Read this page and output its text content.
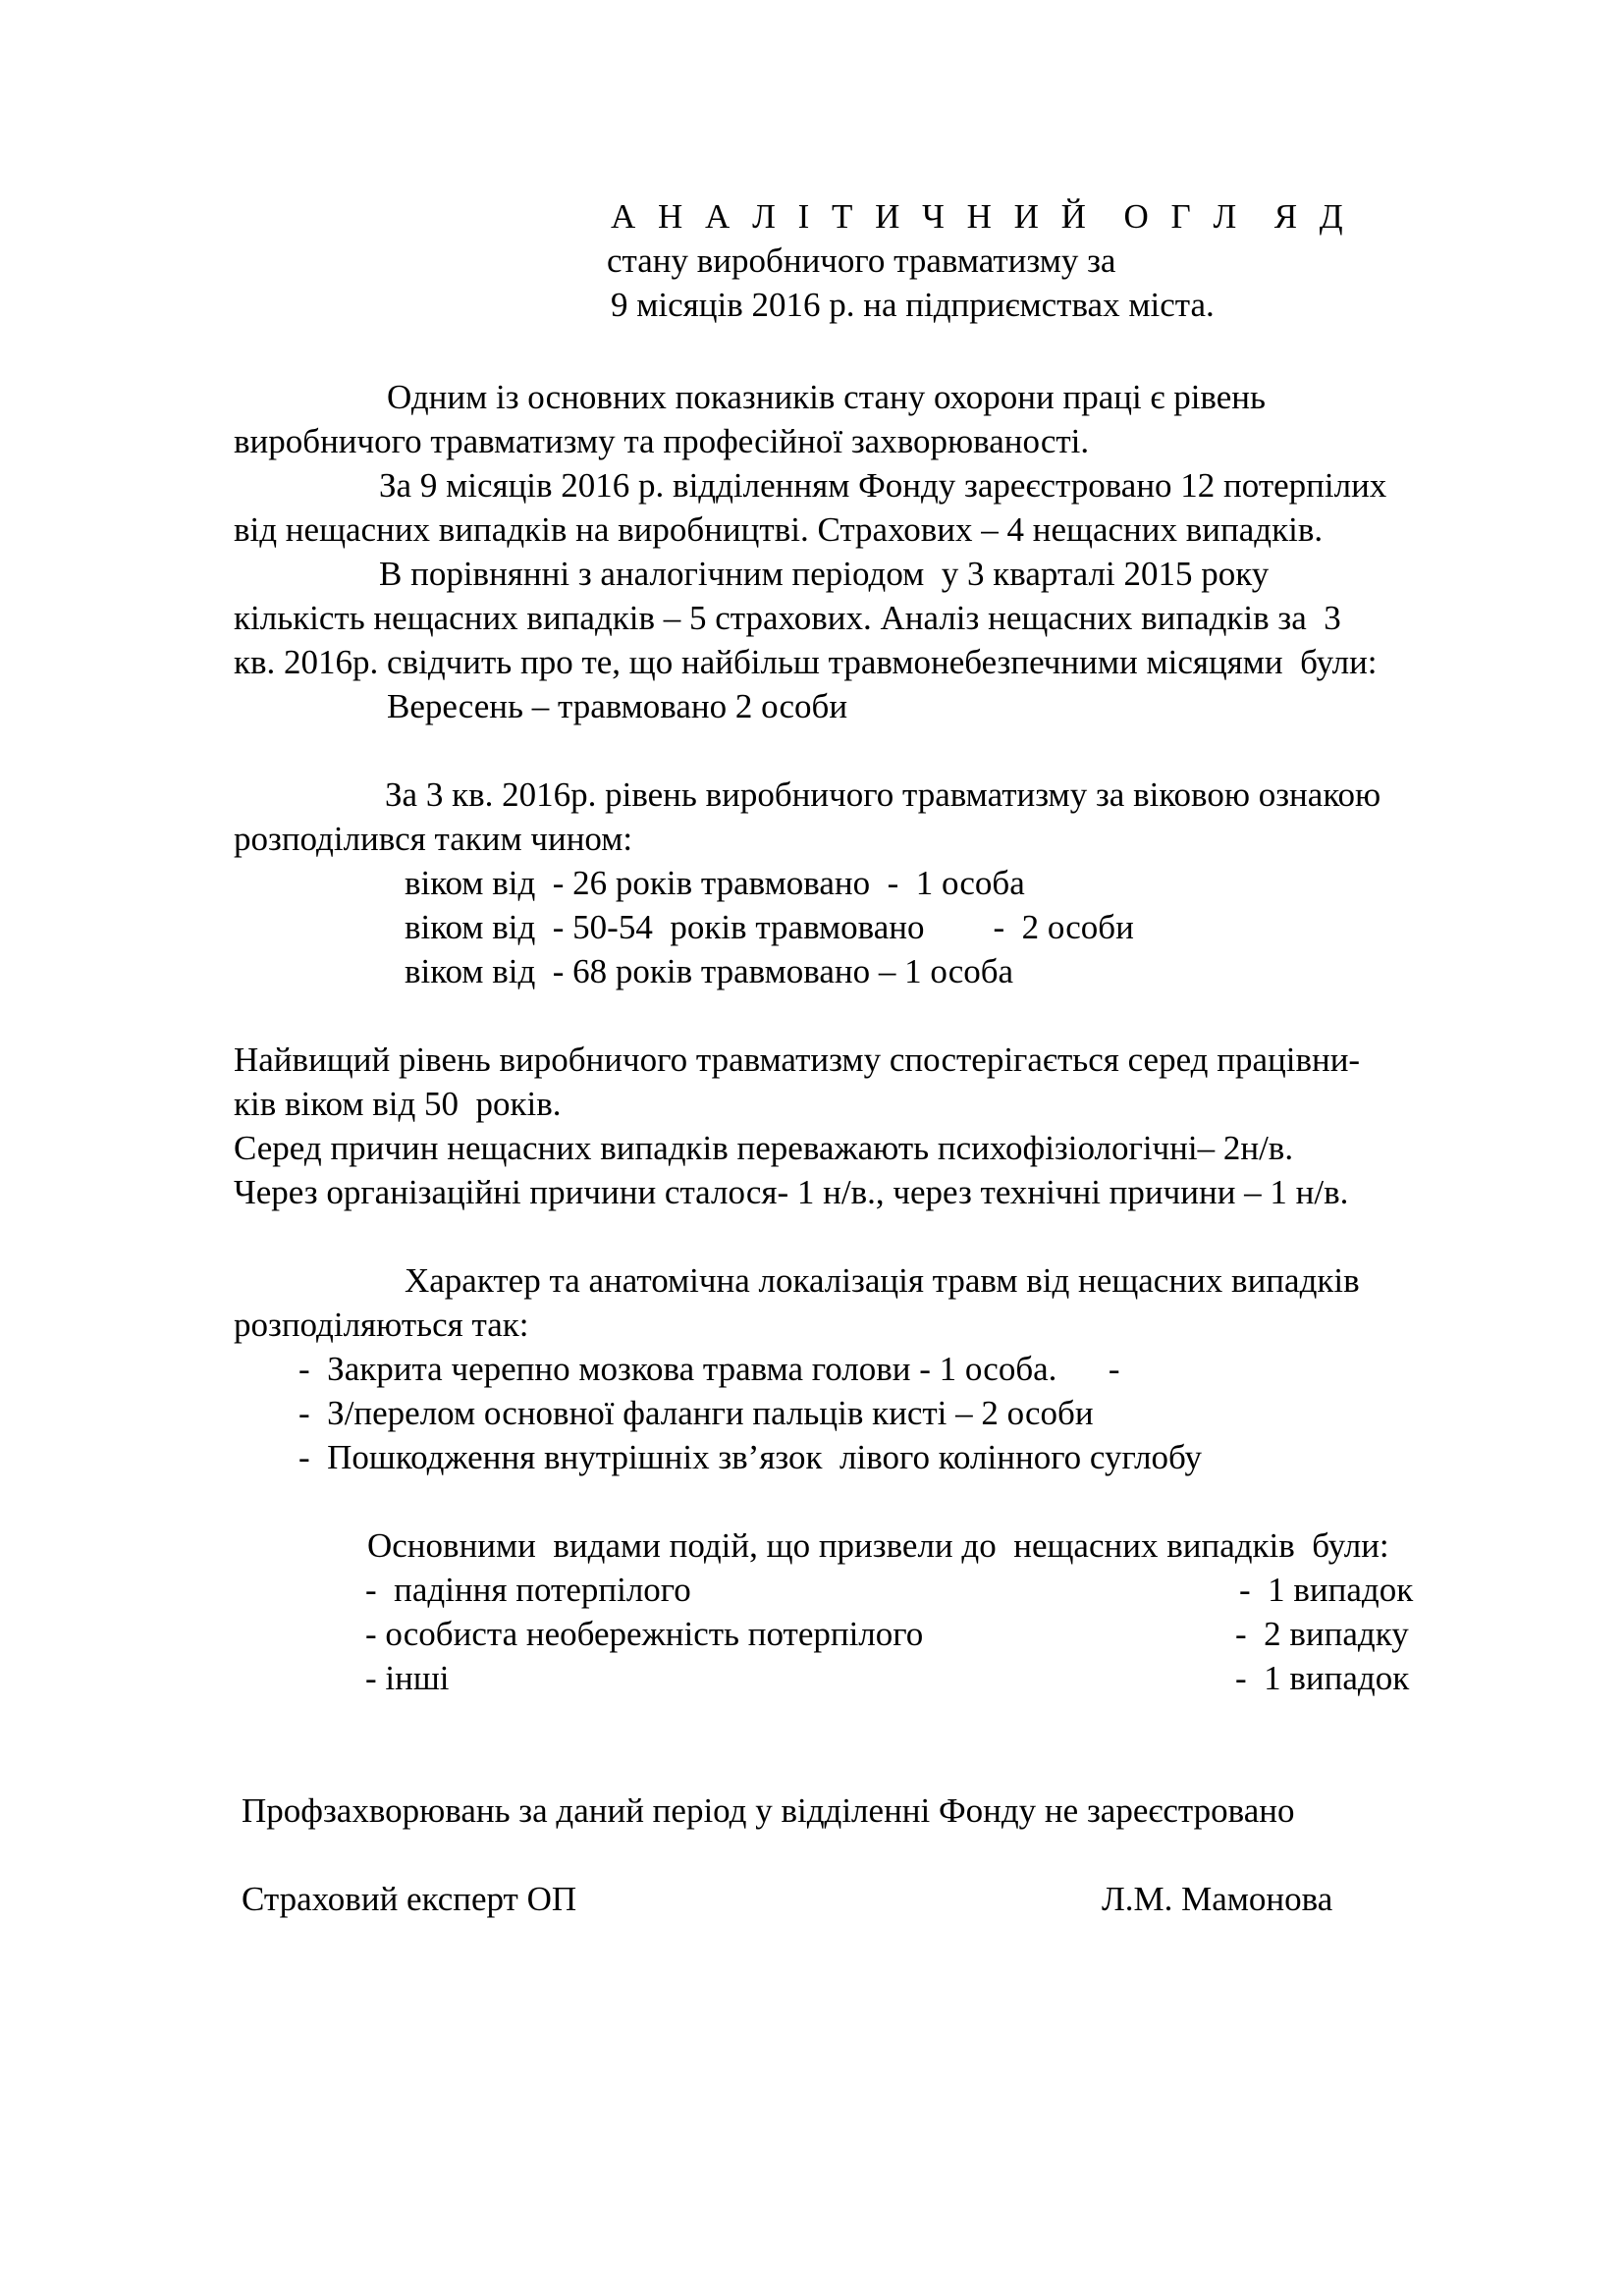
А Н А Л І Т И Ч Н И Й  О Г Л  Я Д
стану виробничого травматизму за
9 місяців 2016 р. на підприємствах міста.
Одним із основних показників стану охорони праці є рівень
виробничого травматизму та професійної захворюваності.
За 9 місяців 2016 р. відділенням Фонду зареєстровано 12 потерпілих
від нещасних випадків на виробництві. Страхових – 4 нещасних випадків.
В порівнянні з аналогічним періодом  у 3 кварталі 2015 року
кількість нещасних випадків – 5 страхових. Аналіз нещасних випадків за  3
кв. 2016р. свідчить про те, що найбільш травмонебезпечними місяцями  були:
Вересень – травмовано 2 особи
За 3 кв. 2016р. рівень виробничого травматизму за віковою ознакою
розподілився таким чином:
віком від  - 26 років травмовано  -  1 особа
віком від  - 50-54  років травмовано        -  2 особи
віком від  - 68 років травмовано – 1 особа
Найвищий рівень виробничого травматизму спостерігається серед працівни-
ків віком від 50  років.
Серед причин нещасних випадків переважають психофізіологічні– 2н/в.
Через організаційні причини сталося- 1 н/в., через технічні причини – 1 н/в.
Характер та анатомічна локалізація травм від нещасних випадків
розподіляються так:
-  Закрита черепно мозкова травма голови - 1 особа.      -
-  З/перелом основної фаланги пальців кисті – 2 особи
-  Пошкодження внутрішніх зв’язок  лівого колінного суглобу
Основними  видами подій, що призвели до  нещасних випадків  були:
-  падіння потерпілого	-  1 випадок
- особиста необережність потерпілого	-  2 випадку
- інші	-  1 випадок
Профзахворювань за даний період у відділенні Фонду не зареєстровано
Страховий експерт ОП	Л.М. Мамонова
